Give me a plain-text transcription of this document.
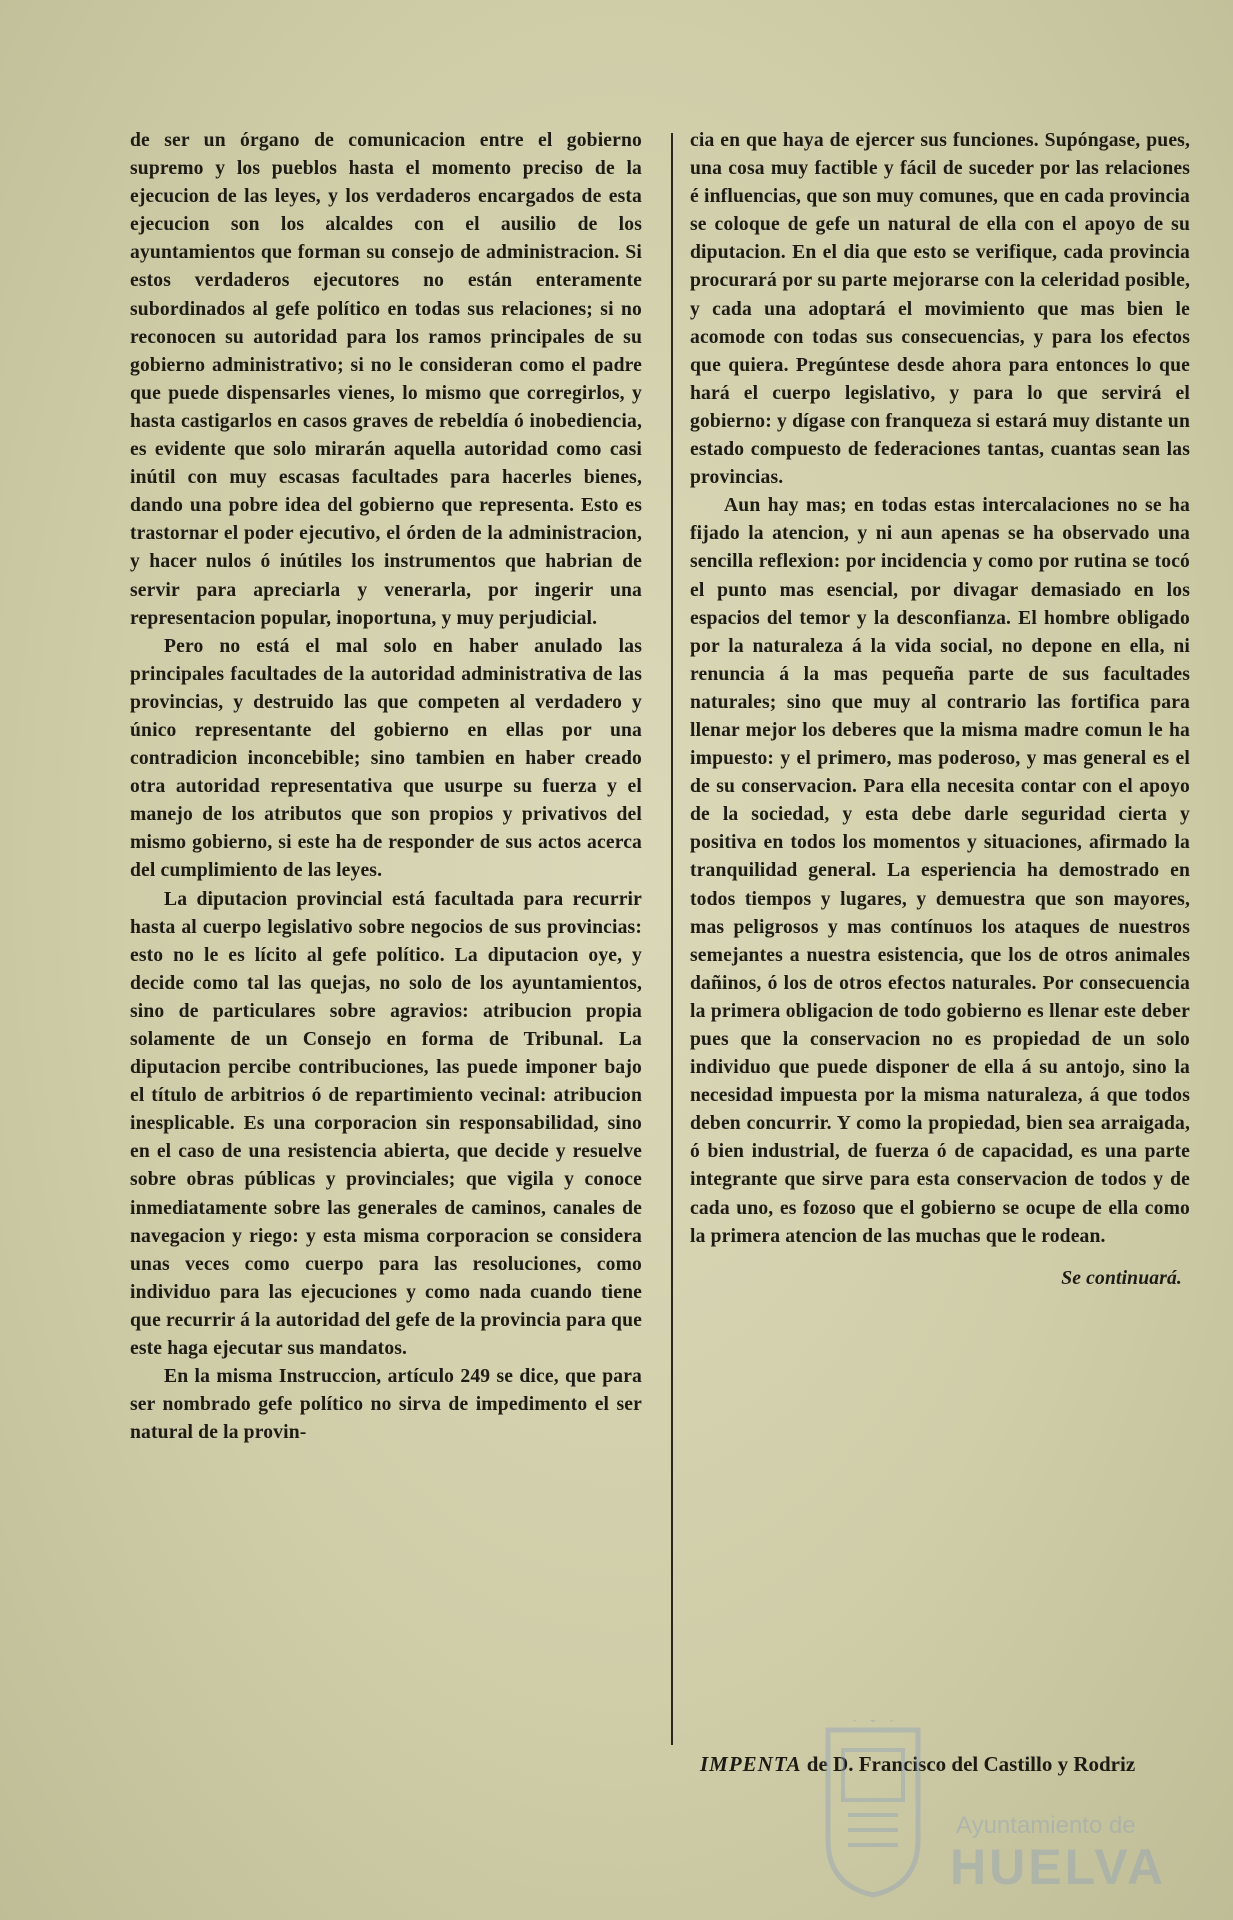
de ser un órgano de comunicacion entre el gobierno supremo y los pueblos hasta el momento preciso de la ejecucion de las leyes, y los verdaderos encargados de esta ejecucion son los alcaldes con el ausilio de los ayuntamientos que forman su consejo de administracion. Si estos verdaderos ejecutores no están enteramente subordinados al gefe político en todas sus relaciones; si no reconocen su autoridad para los ramos principales de su gobierno administrativo; si no le consideran como el padre que puede dispensarles vienes, lo mismo que corregirlos, y hasta castigarlos en casos graves de rebeldía ó inobediencia, es evidente que solo mirarán aquella autoridad como casi inútil con muy escasas facultades para hacerles bienes, dando una pobre idea del gobierno que representa. Esto es trastornar el poder ejecutivo, el órden de la administracion, y hacer nulos ó inútiles los instrumentos que habrian de servir para apreciarla y venerarla, por ingerir una representacion popular, inoportuna, y muy perjudicial.

Pero no está el mal solo en haber anulado las principales facultades de la autoridad administrativa de las provincias, y destruido las que competen al verdadero y único representante del gobierno en ellas por una contradicion inconcebible; sino tambien en haber creado otra autoridad representativa que usurpe su fuerza y el manejo de los atributos que son propios y privativos del mismo gobierno, si este ha de responder de sus actos acerca del cumplimiento de las leyes.

La diputacion provincial está facultada para recurrir hasta al cuerpo legislativo sobre negocios de sus provincias: esto no le es lícito al gefe político. La diputacion oye, y decide como tal las quejas, no solo de los ayuntamientos, sino de particulares sobre agravios: atribucion propia solamente de un Consejo en forma de Tribunal. La diputacion percibe contribuciones, las puede imponer bajo el título de arbitrios ó de repartimiento vecinal: atribucion inesplicable. Es una corporacion sin responsabilidad, sino en el caso de una resistencia abierta, que decide y resuelve sobre obras públicas y provinciales; que vigila y conoce inmediatamente sobre las generales de caminos, canales de navegacion y riego: y esta misma corporacion se considera unas veces como cuerpo para las resoluciones, como individuo para las ejecuciones y como nada cuando tiene que recurrir á la autoridad del gefe de la provincia para que este haga ejecutar sus mandatos.

En la misma Instruccion, artículo 249 se dice, que para ser nombrado gefe político no sirva de impedimento el ser natural de la provin-

cia en que haya de ejercer sus funciones. Supóngase, pues, una cosa muy factible y fácil de suceder por las relaciones é influencias, que son muy comunes, que en cada provincia se coloque de gefe un natural de ella con el apoyo de su diputacion. En el dia que esto se verifique, cada provincia procurará por su parte mejorarse con la celeridad posible, y cada una adoptará el movimiento que mas bien le acomode con todas sus consecuencias, y para los efectos que quiera. Pregúntese desde ahora para entonces lo que hará el cuerpo legislativo, y para lo que servirá el gobierno: y dígase con franqueza si estará muy distante un estado compuesto de federaciones tantas, cuantas sean las provincias.

Aun hay mas; en todas estas intercalaciones no se ha fijado la atencion, y ni aun apenas se ha observado una sencilla reflexion: por incidencia y como por rutina se tocó el punto mas esencial, por divagar demasiado en los espacios del temor y la desconfianza. El hombre obligado por la naturaleza á la vida social, no depone en ella, ni renuncia á la mas pequeña parte de sus facultades naturales; sino que muy al contrario las fortifica para llenar mejor los deberes que la misma madre comun le ha impuesto: y el primero, mas poderoso, y mas general es el de su conservacion. Para ella necesita contar con el apoyo de la sociedad, y esta debe darle seguridad cierta y positiva en todos los momentos y situaciones, afirmado la tranquilidad general. La esperiencia ha demostrado en todos tiempos y lugares, y demuestra que son mayores, mas peligrosos y mas contínuos los ataques de nuestros semejantes a nuestra esistencia, que los de otros animales dañinos, ó los de otros efectos naturales. Por consecuencia la primera obligacion de todo gobierno es llenar este deber pues que la conservacion no es propiedad de un solo individuo que puede disponer de ella á su antojo, sino la necesidad impuesta por la misma naturaleza, á que todos deben concurrir. Y como la propiedad, bien sea arraigada, ó bien industrial, de fuerza ó de capacidad, es una parte integrante que sirve para esta conservacion de todos y de cada uno, es fozoso que el gobierno se ocupe de ella como la primera atencion de las muchas que le rodean.

Se continuará.
IMPENTA de D. Francisco del Castillo y Rodriz
Ayuntamiento de
HUELVA
